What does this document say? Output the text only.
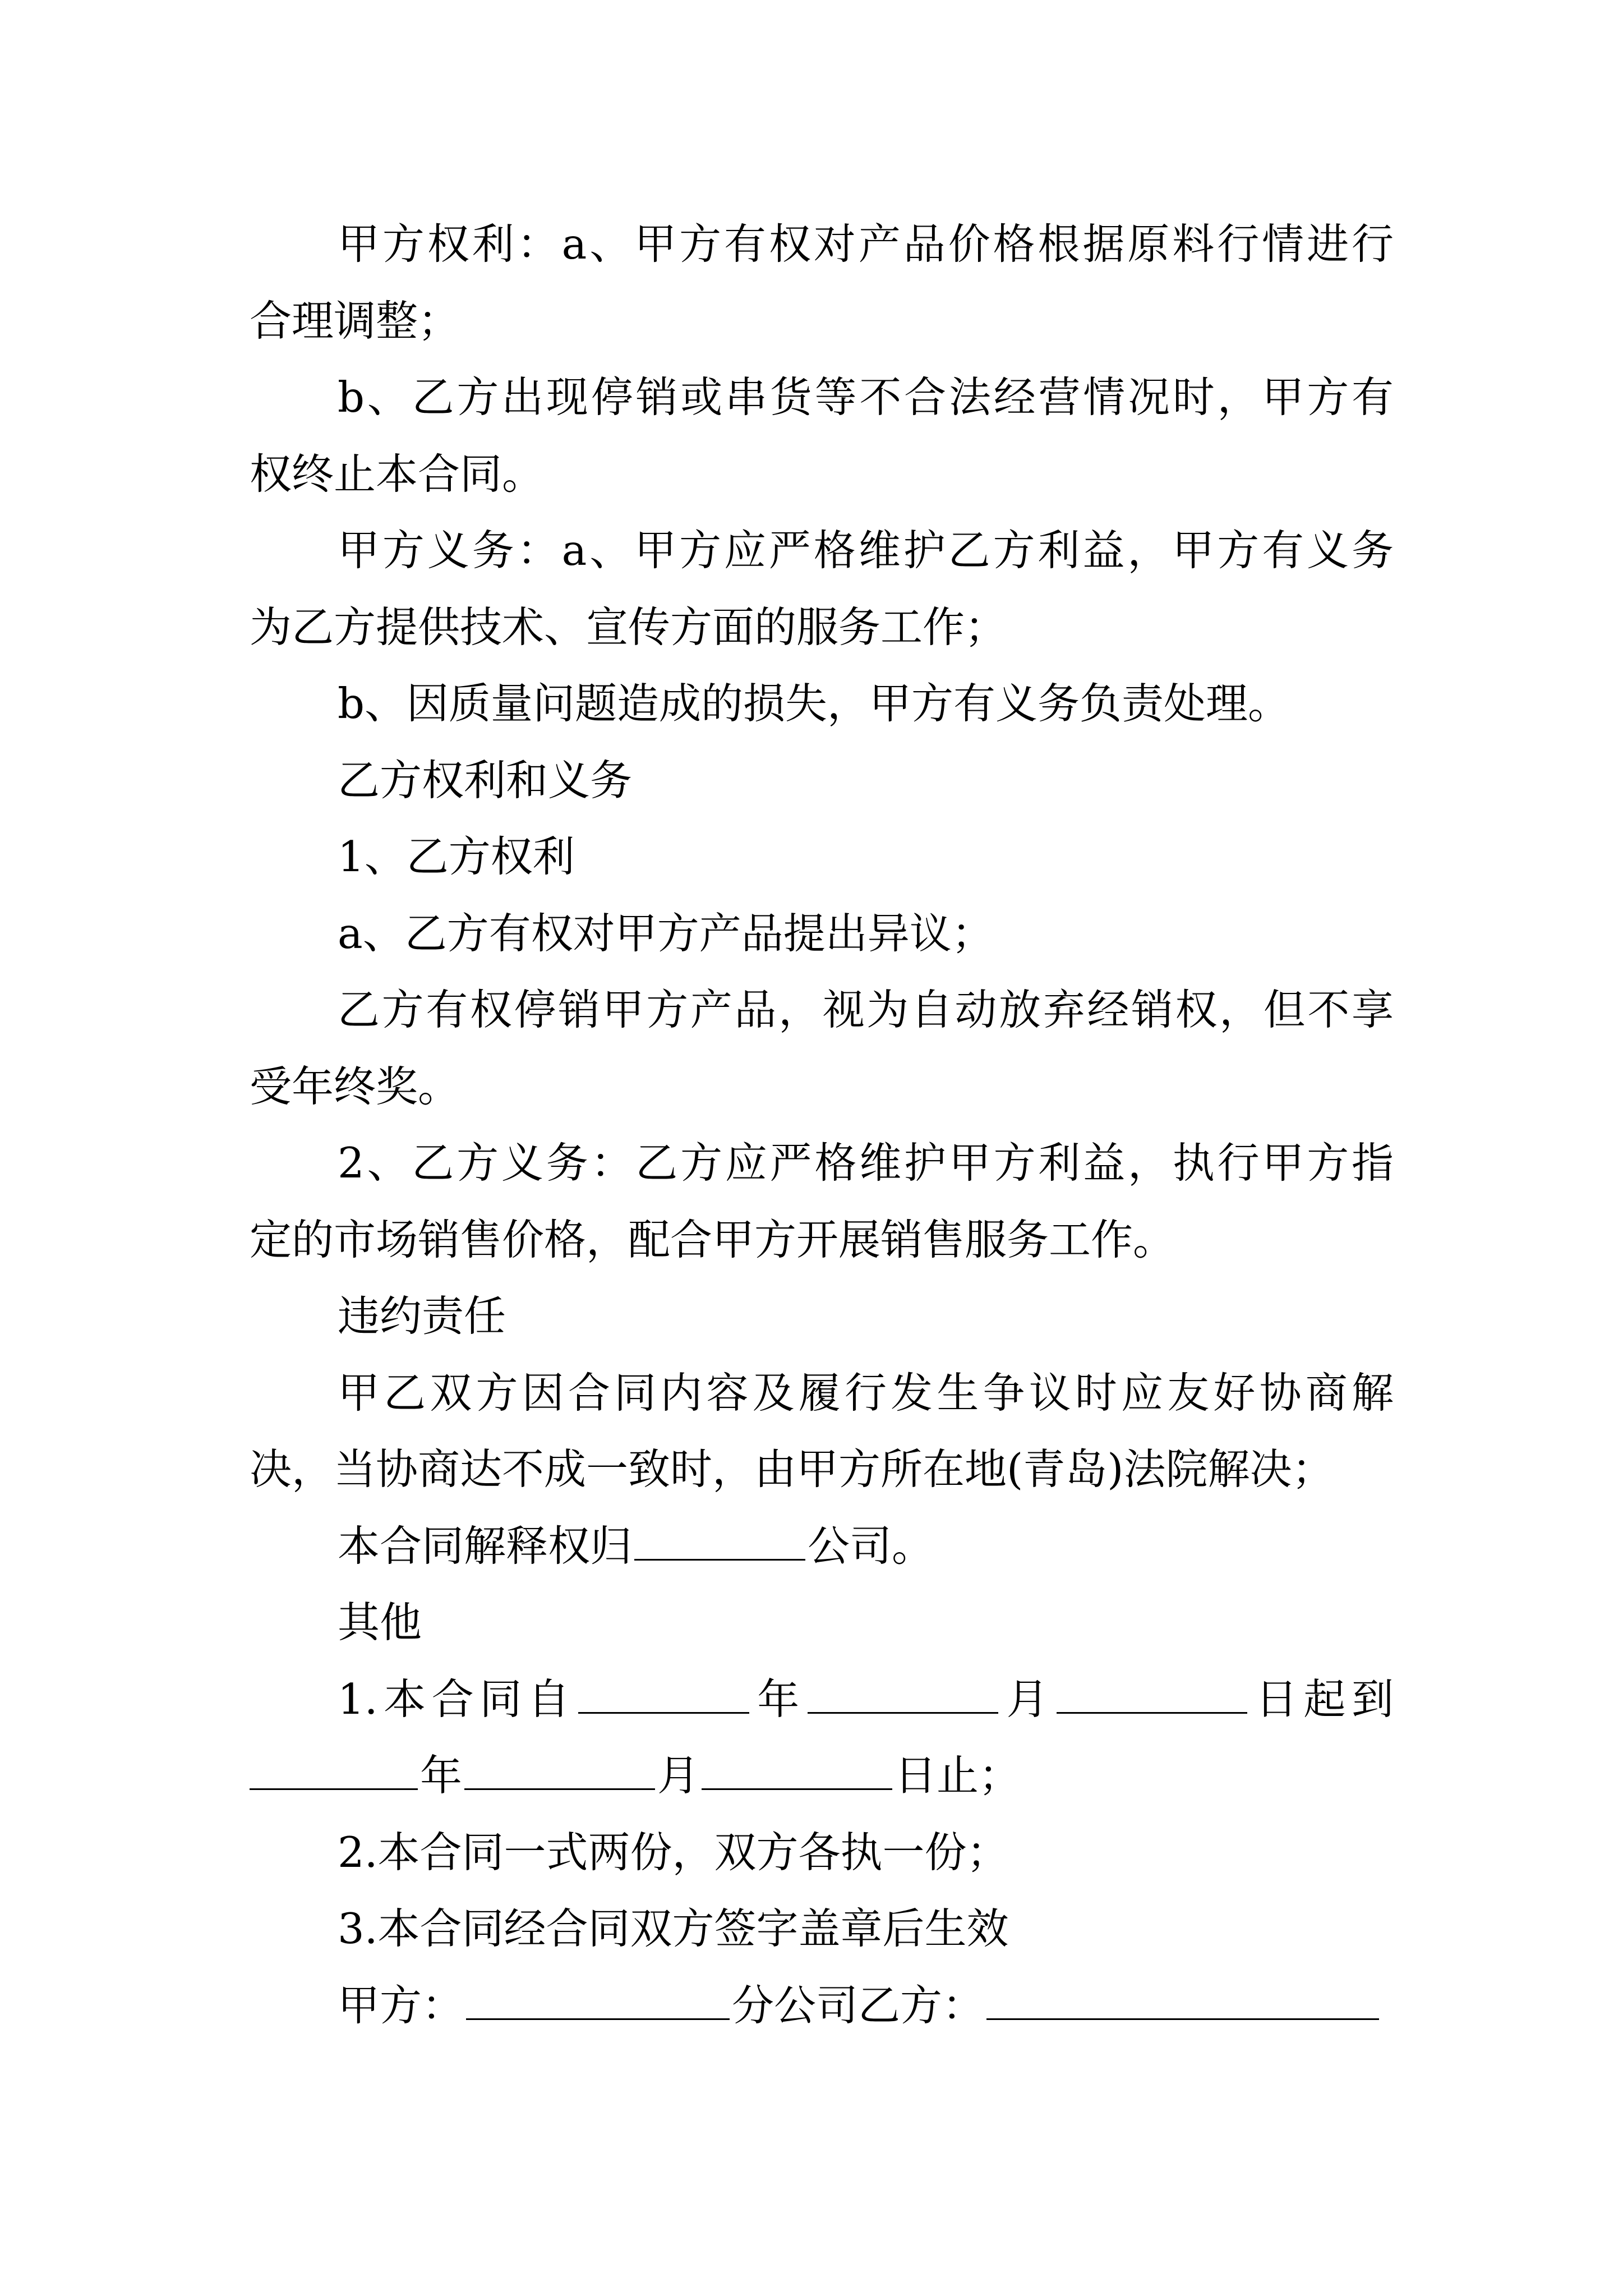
甲方权利：a、甲方有权对产品价格根据原料行情进行
合理调整；
b、乙方出现停销或串货等不合法经营情况时，甲方有
权终止本合同。
甲方义务：a、甲方应严格维护乙方利益，甲方有义务
为乙方提供技术、宣传方面的服务工作；
b、因质量问题造成的损失，甲方有义务负责处理。
乙方权利和义务
1、乙方权利
a、乙方有权对甲方产品提出异议；
乙方有权停销甲方产品，视为自动放弃经销权，但不享
受年终奖。
2、乙方义务：乙方应严格维护甲方利益，执行甲方指
定的市场销售价格，配合甲方开展销售服务工作。
违约责任
甲乙双方因合同内容及履行发生争议时应友好协商解
决，当协商达不成一致时，由甲方所在地(青岛)法院解决；
本合同解释权归	公司。
其他
1.本合同自	年	月	日起到
年	月	日止；
2.本合同一式两份，双方各执一份；
3.本合同经合同双方签字盖章后生效
甲方：	分公司乙方：
